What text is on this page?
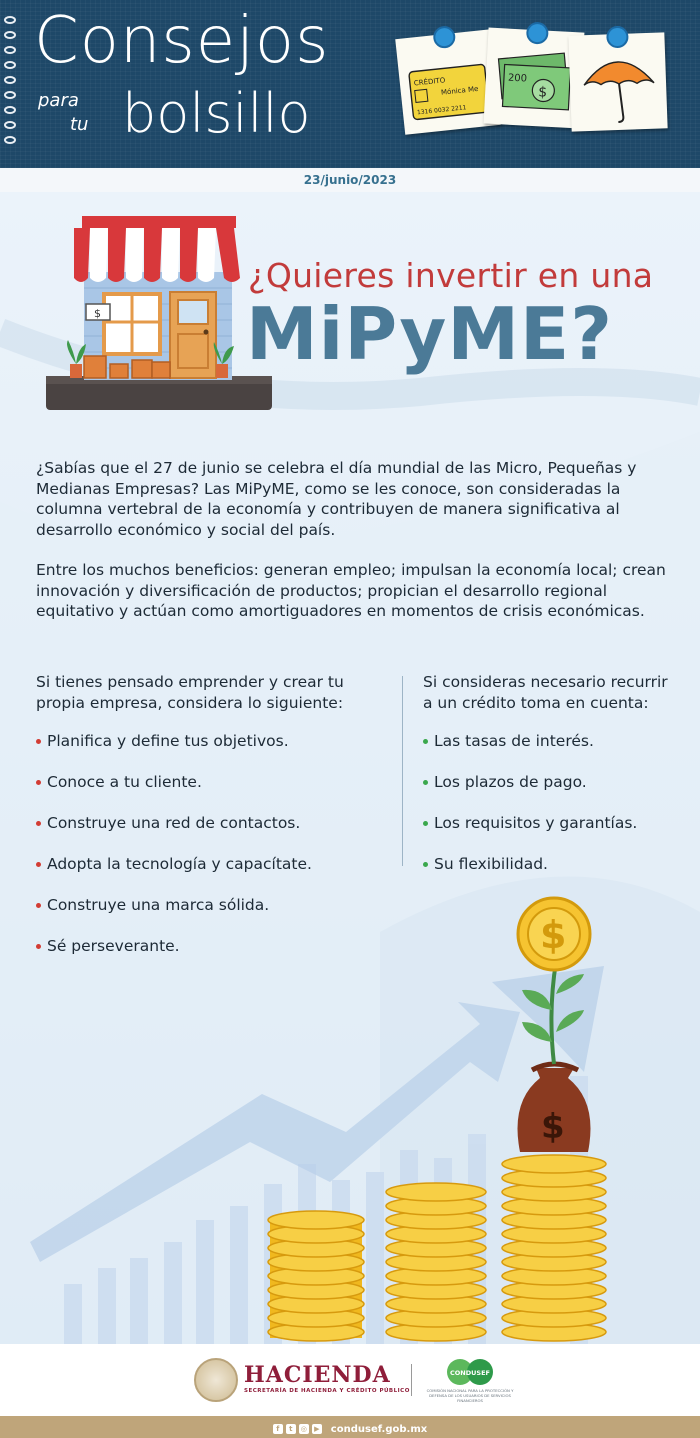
Consejos
para
tu bolsillo
CRÉDITO
Mónica Me
1316 0032 2211
200
$
23/junio/2023
$
¿Quieres invertir en una
MiPyME?

¿Sabías que el 27 de junio se celebra el día mundial de las Micro, Pequeñas y Medianas Empresas? Las MiPyME, como se les conoce, son consideradas la columna vertebral de la economía y contribuyen de manera significativa al desarrollo económico y social del país.

Entre los muchos beneficios: generan empleo; impulsan la economía local; crean innovación y diversificación de productos; propician el desarrollo regional equitativo y actúan como amortiguadores en momentos de crisis económicas.

Si tienes pensado emprender y crear tu propia empresa, considera lo siguiente:

Planifica y define tus objetivos.
Conoce a tu cliente.
Construye una red de contactos.
Adopta la tecnología y capacítate.
Construye una marca sólida.
Sé perseverante.

Si consideras necesario recurrir a un crédito toma en cuenta:

Las tasas de interés.
Los plazos de pago.
Los requisitos y garantías.
Su flexibilidad.
$
$
HACIENDA
SECRETARÍA DE HACIENDA Y CRÉDITO PÚBLICO
CONDUSEF
COMISIÓN NACIONAL PARA LA PROTECCIÓN Y DEFENSA DE LOS USUARIOS DE SERVICIOS FINANCIEROS
f	t	◎	▶ condusef.gob.mx
